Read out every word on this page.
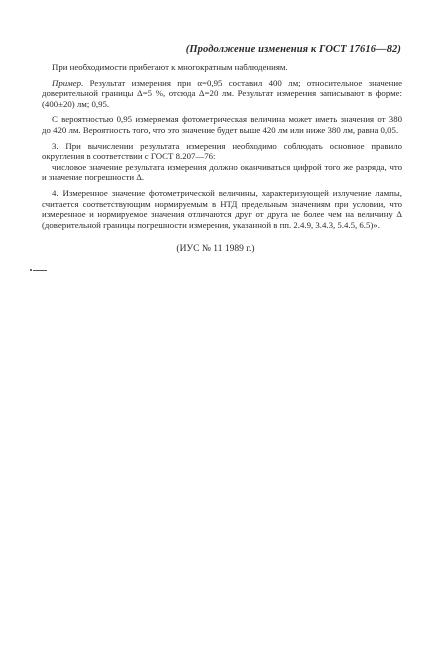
(Продолжение изменения к ГОСТ 17616—82)

При необходимости прибегают к многократным наблюдениям.

Пример. Результат измерения при α=0,95 составил 400 лм; относительное значение доверительной границы Δ=5 %, отсюда Δ=20 лм. Результат измерения записывают в форме: (400±20) лм; 0,95.

С вероятностью 0,95 измеряемая фотометрическая величина может иметь значения от 380 до 420 лм. Вероятность того, что это значение будет выше 420 лм или ниже 380 лм, равна 0,05.

3. При вычислении результата измерения необходимо соблюдать основное правило округления в соответствии с ГОСТ 8.207—76:

числовое значение результата измерения должно оканчиваться цифрой того же разряда, что и значение погрешности Δ.

4. Измеренное значение фотометрической величины, характеризующей излучение лампы, считается соответствующим нормируемым в НТД предельным значениям при условии, что измеренное и нормируемое значения отличаются друг от друга не более чем на величину Δ (доверительной границы погрешности измерения, указанной в пп. 2.4.9, 3.4.3, 5.4.5, 6.5)».

(ИУС № 11 1989 г.)
